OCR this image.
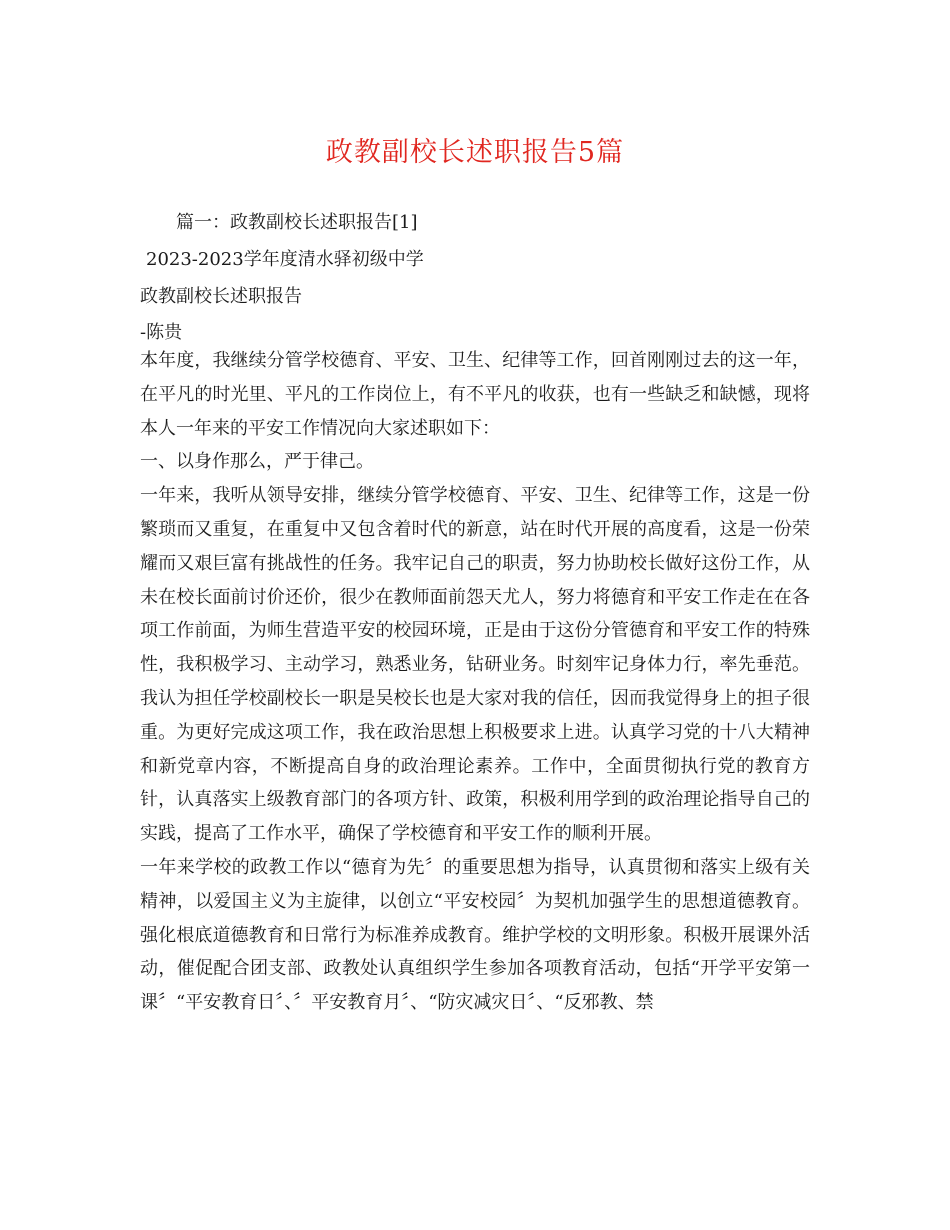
政教副校长述职报告5篇
篇一：政教副校长述职报告[1]
2023-2023学年度清水驿初级中学
政教副校长述职报告
-陈贵

本年度，我继续分管学校德育、平安、卫生、纪律等工作，回首刚刚过去的这一年，在平凡的时光里、平凡的工作岗位上，有不平凡的收获，也有一些缺乏和缺憾，现将本人一年来的平安工作情况向大家述职如下：

一、以身作那么，严于律己。

一年来，我听从领导安排，继续分管学校德育、平安、卫生、纪律等工作，这是一份繁琐而又重复，在重复中又包含着时代的新意，站在时代开展的高度看，这是一份荣耀而又艰巨富有挑战性的任务。我牢记自己的职责，努力协助校长做好这份工作，从未在校长面前讨价还价，很少在教师面前怨天尤人，努力将德育和平安工作走在在各项工作前面，为师生营造平安的校园环境，正是由于这份分管德育和平安工作的特殊性，我积极学习、主动学习，熟悉业务，钻研业务。时刻牢记身体力行，率先垂范。我认为担任学校副校长一职是吴校长也是大家对我的信任，因而我觉得身上的担子很重。为更好完成这项工作，我在政治思想上积极要求上进。认真学习党的十八大精神和新党章内容，不断提高自身的政治理论素养。工作中，全面贯彻执行党的教育方针，认真落实上级教育部门的各项方针、政策，积极利用学到的政治理论指导自己的实践，提高了工作水平，确保了学校德育和平安工作的顺利开展。

一年来学校的政教工作以“德育为先〞的重要思想为指导，认真贯彻和落实上级有关精神，以爱国主义为主旋律，以创立“平安校园〞为契机加强学生的思想道德教育。强化根底道德教育和日常行为标准养成教育。维护学校的文明形象。积极开展课外活动，催促配合团支部、政教处认真组织学生参加各项教育活动，包括“开学平安第一课〞“平安教育日〞、〞平安教育月〞、“防灾减灾日〞、“反邪教、禁
